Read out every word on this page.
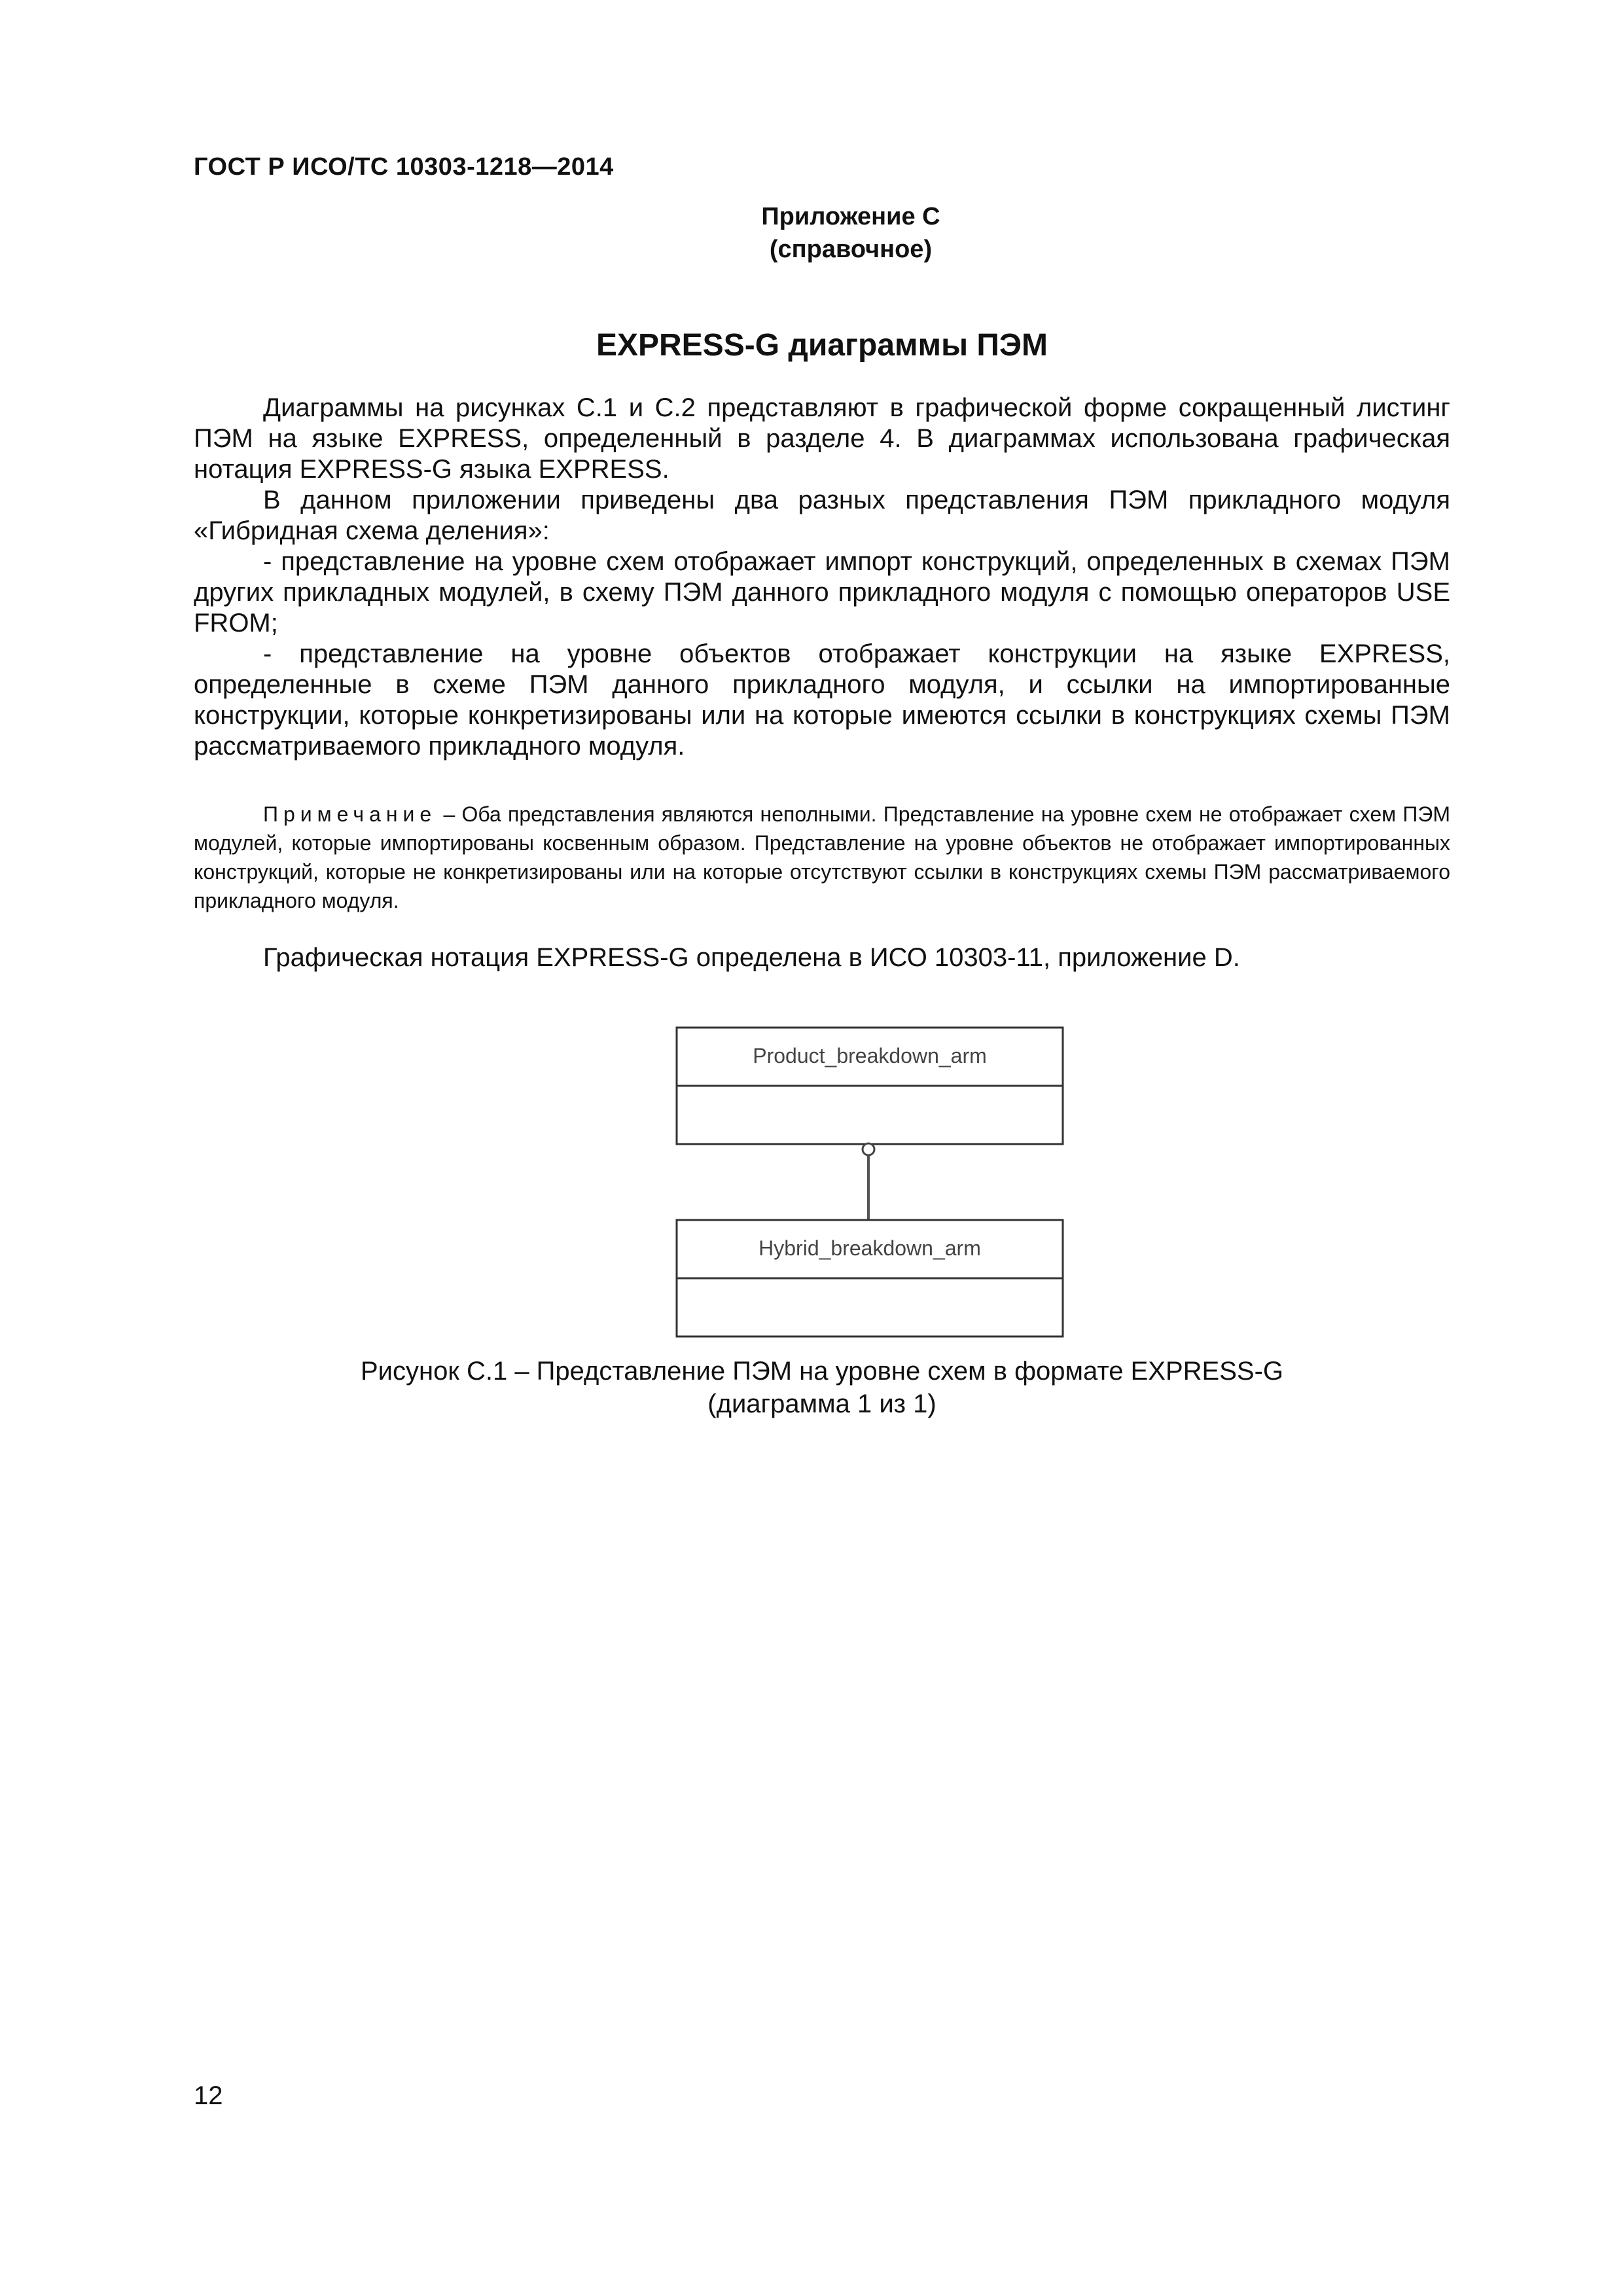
ГОСТ Р ИСО/ТС 10303-1218—2014
Приложение С
(справочное)
EXPRESS-G диаграммы ПЭМ

Диаграммы на рисунках С.1 и С.2 представляют в графической форме сокращенный листинг ПЭМ на языке EXPRESS, определенный в разделе 4. В диаграммах использована графическая нотация EXPRESS-G языка EXPRESS.

В данном приложении приведены два разных представления ПЭМ прикладного модуля «Гибридная схема деления»:

- представление на уровне схем отображает импорт конструкций, определенных в схемах ПЭМ других прикладных модулей, в схему ПЭМ данного прикладного модуля с помощью операторов USE FROM;

- представление на уровне объектов отображает конструкции на языке EXPRESS, определенные в схеме ПЭМ данного прикладного модуля, и ссылки на импортированные конструкции, которые конкретизированы или на которые имеются ссылки в конструкциях схемы ПЭМ рассматриваемого прикладного модуля.

Примечание – Оба представления являются неполными. Представление на уровне схем не отображает схем ПЭМ модулей, которые импортированы косвенным образом. Представление на уровне объектов не отображает импортированных конструкций, которые не конкретизированы или на которые отсутствуют ссылки в конструкциях схемы ПЭМ рассматриваемого прикладного модуля.
Графическая нотация EXPRESS-G определена в ИСО 10303-11, приложение D.
Product_breakdown_arm
Hybrid_breakdown_arm
Рисунок С.1 – Представление ПЭМ на уровне схем в формате EXPRESS-G
(диаграмма 1 из 1)
12
